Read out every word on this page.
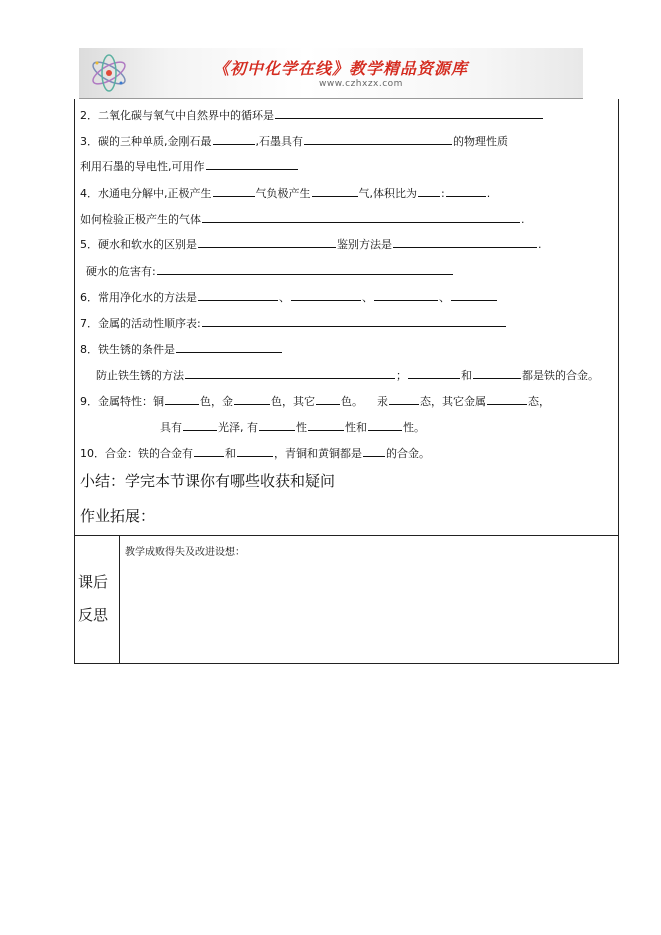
《初中化学在线》教学精品资源库
www.czhxzx.com
2．二氧化碳与氧气中自然界中的循环是
3．碳的三种单质,金刚石最	,石墨具有	的物理性质
利用石墨的导电性,可用作
4．水通电分解中,正极产生	气负极产生	气,体积比为 :	.
如何检验正极产生的气体	.
5．硬水和软水的区别是	鉴别方法是	.
硬水的危害有:
6．常用净化水的方法是	、	、	、
7．金属的活动性顺序表:
8．铁生锈的条件是
防止铁生锈的方法	；	和	都是铁的合金。
9．金属特性：铜	色，金	色，其它 色。 汞	态，其它金属	态，
具有	光泽, 有	性	性和	性。
10．合金：铁的合金有	和	，青铜和黄铜都是 的合金。
小结：学完本节课你有哪些收获和疑问
作业拓展：
课后
反思
教学成败得失及改进设想：
